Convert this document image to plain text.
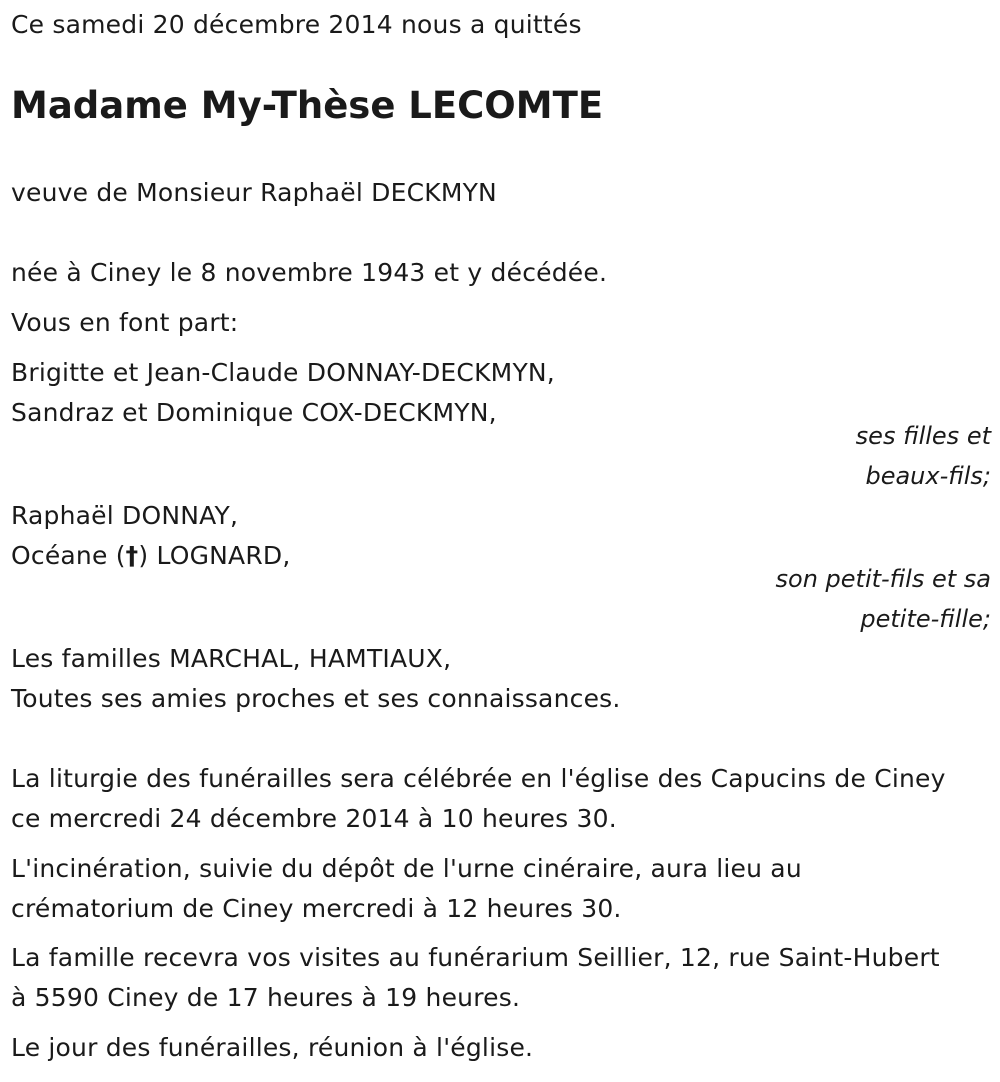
Ce samedi 20 décembre 2014 nous a quittés
Madame My-Thèse LECOMTE
veuve de Monsieur Raphaël DECKMYN
née à Ciney le 8 novembre 1943 et y décédée.
Vous en font part:
Brigitte et Jean-Claude DONNAY-DECKMYN,
Sandraz et Dominique COX-DECKMYN,
ses filles et
beaux-fils;
Raphaël DONNAY,
Océane (†) LOGNARD,
son petit-fils et sa
petite-fille;
Les familles MARCHAL, HAMTIAUX,
Toutes ses amies proches et ses connaissances.
La liturgie des funérailles sera célébrée en l'église des Capucins de Ciney
ce mercredi 24 décembre 2014 à 10 heures 30.
L'incinération, suivie du dépôt de l'urne cinéraire, aura lieu au
crématorium de Ciney mercredi à 12 heures 30.
La famille recevra vos visites au funérarium Seillier, 12, rue Saint-Hubert
à 5590 Ciney de 17 heures à 19 heures.
Le jour des funérailles, réunion à l'église.
